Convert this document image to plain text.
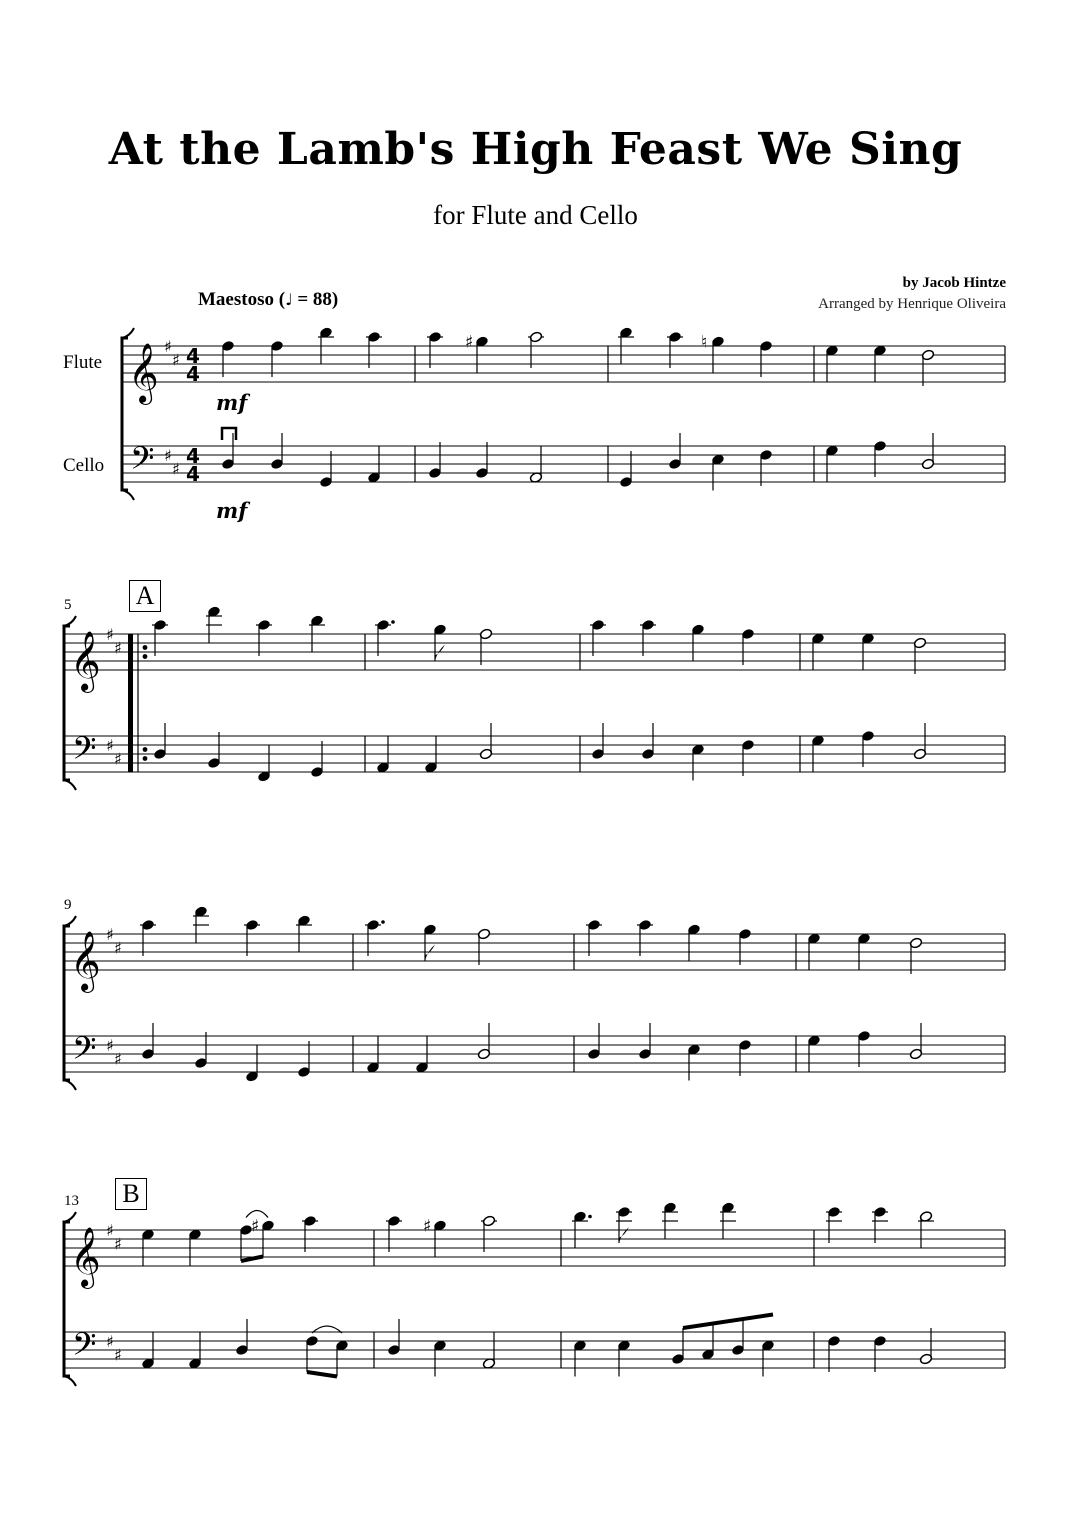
At the Lamb's High Feast We Sing
for Flute and Cello
by Jacob Hintze
Arranged by Henrique Oliveira
Maestoso (♩ = 88)
Flute
Cello
5
9
13
A
B
𝄞 ♯
♯ 4
4
𝄢 ♯
♯
4
4
♯	♮
mf
mf
𝄞 ♯
♯
𝄢 ♯
♯
𝄞 ♯
♯
𝄢 ♯
♯
𝄞 ♯
♯
𝄢 ♯
♯
♯	♯
